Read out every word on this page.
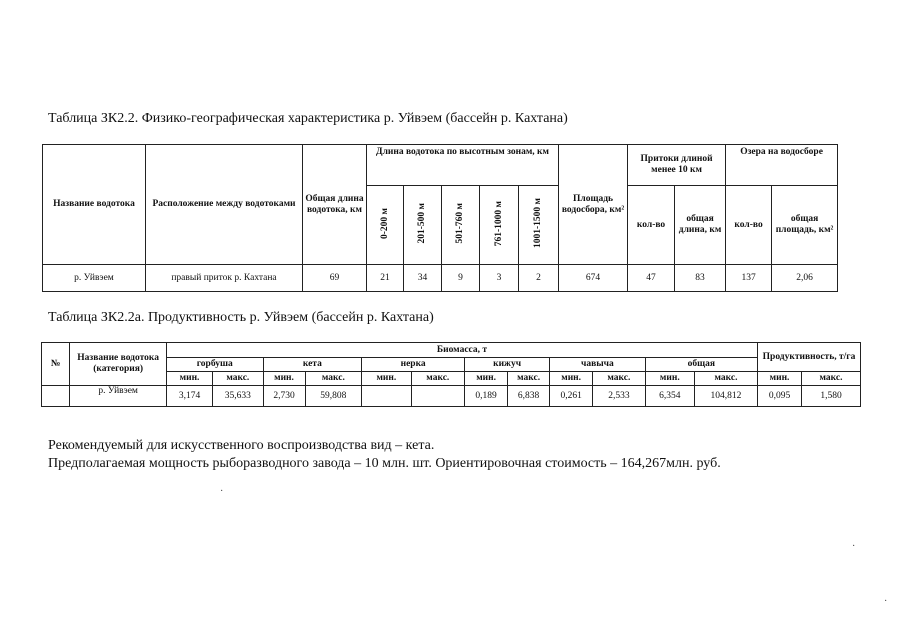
Таблица ЗК2.2. Физико-географическая характеристика р. Уйвэем (бассейн р. Кахтана)
Название водотока	Расположение между водотоками	Общая длина водотока, км	Длина водотока по высотным зонам, км					Площадь водосбора, км²	Притоки длиной менее 10 км		Озера на водосборе	
			0-200 м	201-500 м	501-760 м	761-1000 м	1001-1500 м		кол-во	общая длина, км	кол-во	общая площадь, км²
р. Уйвэем	правый приток р. Кахтана	69	21	34	9	3	2	674	47	83	137	2,06
Таблица ЗК2.2а. Продуктивность р. Уйвэем (бассейн р. Кахтана)
№	Название водотока (категория)	Биомасса, т												Продуктивность, т/га	
		горбуша		кета		нерка		кижуч		чавыча		общая			
		мин.	макс.	мин.	макс.	мин.	макс.	мин.	макс.	мин.	макс.	мин.	макс.	мин.	макс.
	р. Уйвэем	3,174	35,633	2,730	59,808			0,189	6,838	0,261	2,533	6,354	104,812	0,095	1,580
Рекомендуемый для искусственного воспроизводства вид – кета.
Предполагаемая мощность рыборазводного завода – 10 млн. шт. Ориентировочная стоимость – 164,267млн. руб.
·
·
·
